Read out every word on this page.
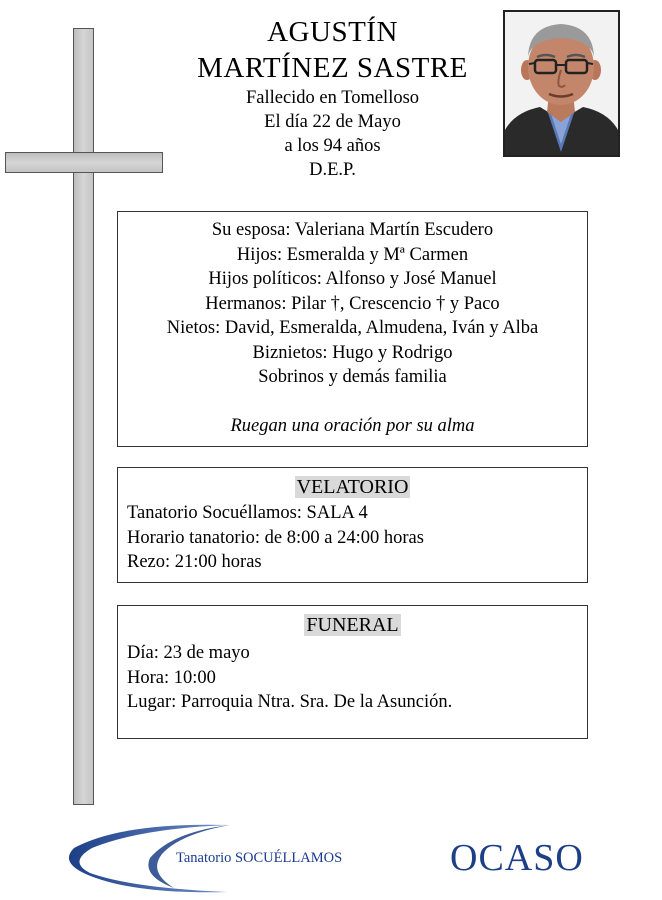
AGUSTÍN
MARTÍNEZ SASTRE
Fallecido en Tomelloso
El día 22 de Mayo
a los 94 años
D.E.P.
Su esposa: Valeriana Martín Escudero
Hijos: Esmeralda y Mª Carmen
Hijos políticos: Alfonso y José Manuel
Hermanos: Pilar †, Crescencio † y Paco
Nietos: David, Esmeralda, Almudena, Iván y Alba
Biznietos: Hugo y Rodrigo
Sobrinos y demás familia
Ruegan una oración por su alma
VELATORIO
Tanatorio Socuéllamos: SALA 4
Horario tanatorio: de 8:00 a 24:00 horas
Rezo: 21:00 horas
FUNERAL
Día: 23 de mayo
Hora: 10:00
Lugar: Parroquia Ntra. Sra. De la Asunción.
Tanatorio SOCUÉLLAMOS	OCASO
